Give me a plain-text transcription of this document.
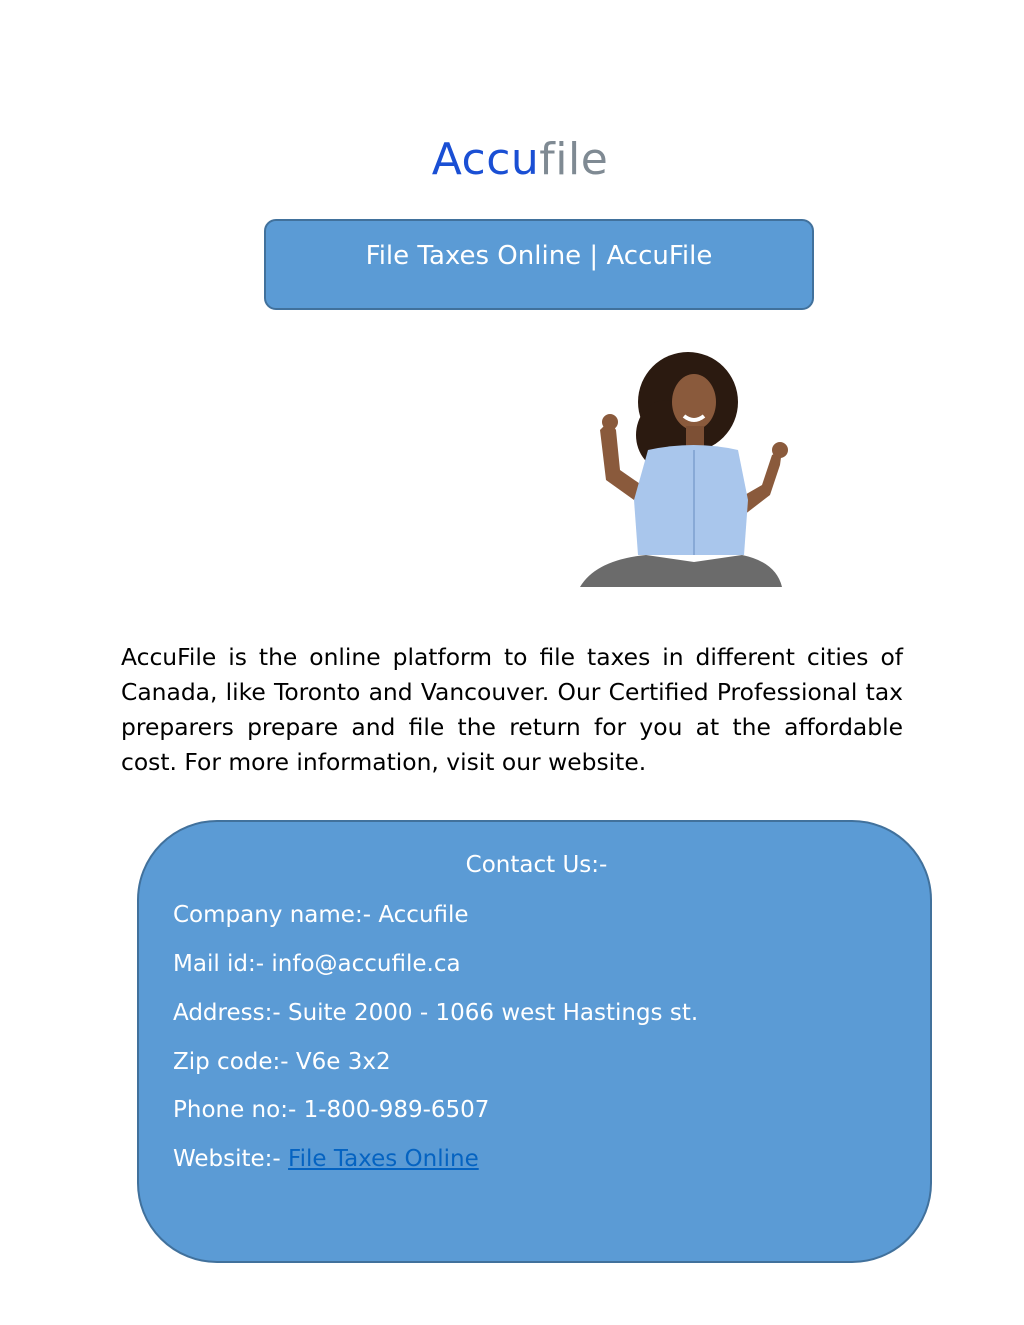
Accufile
File Taxes Online | AccuFile

AccuFile is the online platform to file taxes in different cities of Canada, like Toronto and Vancouver. Our Certified Professional tax preparers prepare and file the return for you at the affordable cost. For more information, visit our website.

Contact Us:-
Company name:- Accufile
Mail id:- info@accufile.ca
Address:- Suite 2000 - 1066 west Hastings st.
Zip code:- V6e 3x2
Phone no:- 1-800-989-6507
Website:- File Taxes Online
